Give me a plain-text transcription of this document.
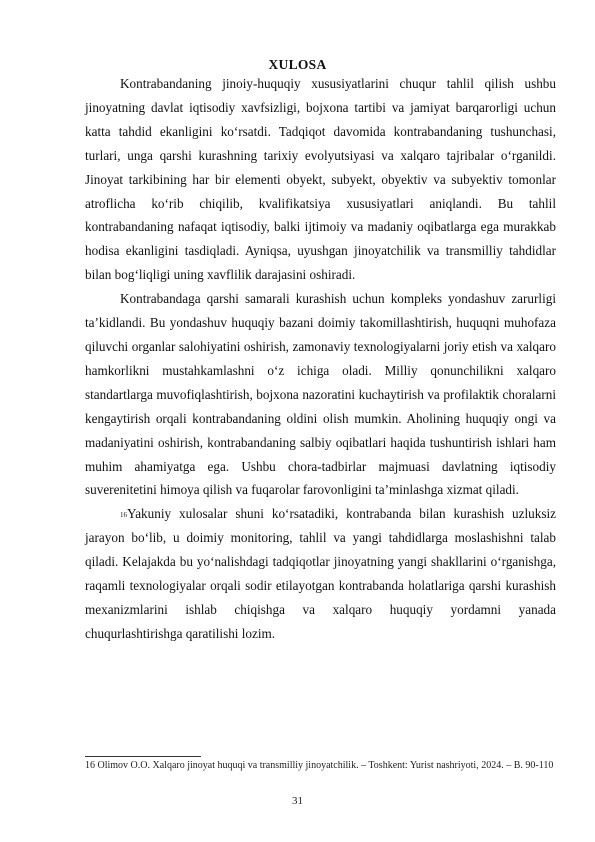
XULOSA

Kontrabandaning jinoiy-huquqiy xususiyatlarini chuqur tahlil qilish ushbu jinoyatning davlat iqtisodiy xavfsizligi, bojxona tartibi va jamiyat barqarorligi uchun katta tahdid ekanligini ko‘rsatdi. Tadqiqot davomida kontrabandaning tushunchasi, turlari, unga qarshi kurashning tarixiy evolyutsiyasi va xalqaro tajribalar o‘rganildi. Jinoyat tarkibining har bir elementi obyekt, subyekt, obyektiv va subyektiv tomonlar atroflicha ko‘rib chiqilib, kvalifikatsiya xususiyatlari aniqlandi. Bu tahlil kontrabandaning nafaqat iqtisodiy, balki ijtimoiy va madaniy oqibatlarga ega murakkab hodisa ekanligini tasdiqladi. Ayniqsa, uyushgan jinoyatchilik va transmilliy tahdidlar bilan bog‘liqligi uning xavflilik darajasini oshiradi.

Kontrabandaga qarshi samarali kurashish uchun kompleks yondashuv zarurligi ta’kidlandi. Bu yondashuv huquqiy bazani doimiy takomillashtirish, huquqni muhofaza qiluvchi organlar salohiyatini oshirish, zamonaviy texnologiyalarni joriy etish va xalqaro hamkorlikni mustahkamlashni o‘z ichiga oladi. Milliy qonunchilikni xalqaro standartlarga muvofiqlashtirish, bojxona nazoratini kuchaytirish va profilaktik choralarni kengaytirish orqali kontrabandaning oldini olish mumkin. Aholining huquqiy ongi va madaniyatini oshirish, kontrabandaning salbiy oqibatlari haqida tushuntirish ishlari ham muhim ahamiyatga ega. Ushbu chora-tadbirlar majmuasi davlatning iqtisodiy suverenitetini himoya qilish va fuqarolar farovonligini ta’minlashga xizmat qiladi.

$^{16}$Yakuniy xulosalar shuni ko‘rsatadiki, kontrabanda bilan kurashish uzluksiz jarayon bo‘lib, u doimiy monitoring, tahlil va yangi tahdidlarga moslashishni talab qiladi. Kelajakda bu yo‘nalishdagi tadqiqotlar jinoyatning yangi shakllarini o‘rganishga, raqamli texnologiyalar orqali sodir etilayotgan kontrabanda holatlariga qarshi kurashish mexanizmlarini ishlab chiqishga va xalqaro huquqiy yordamni yanada chuqurlashtirishga qaratilishi lozim.

16 Olimov O.O. Xalqaro jinoyat huquqi va transmilliy jinoyatchilik. – Toshkent: Yurist nashriyoti, 2024. – B. 90-110
31
